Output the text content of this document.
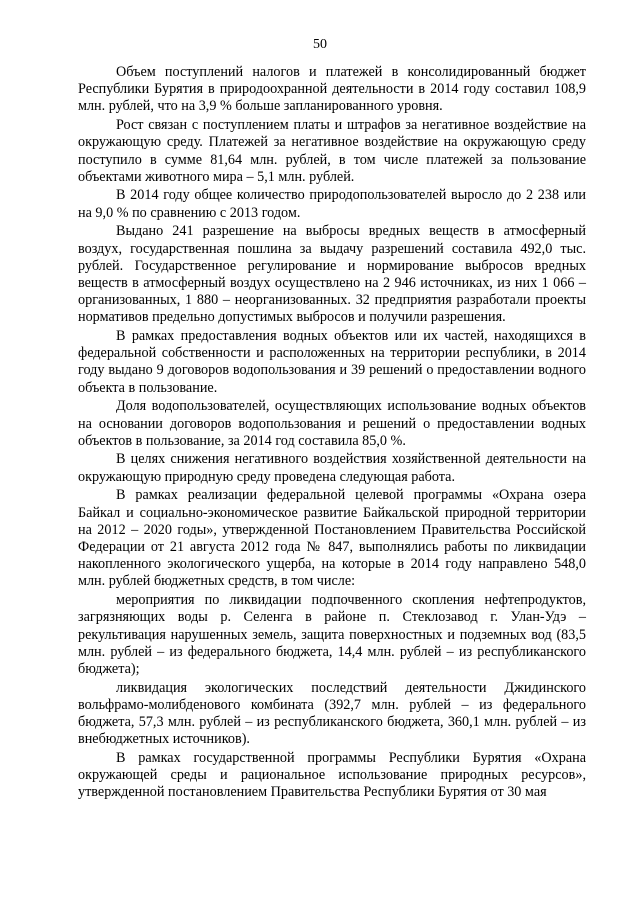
50

Объем поступлений налогов и платежей в консолидированный бюджет Республики Бурятия в природоохранной деятельности в 2014 году составил 108,9 млн. рублей, что на 3,9 % больше запланированного уровня.

Рост связан с поступлением платы и штрафов за негативное воздействие на окружающую среду. Платежей за негативное воздействие на окружающую среду поступило в сумме 81,64 млн. рублей, в том числе платежей за пользование объектами животного мира – 5,1 млн. рублей.

В 2014 году общее количество природопользователей выросло до 2 238 или на 9,0 % по сравнению с 2013 годом.

Выдано 241 разрешение на выбросы вредных веществ в атмосферный воздух, государственная пошлина за выдачу разрешений составила 492,0 тыс. рублей. Государственное регулирование и нормирование выбросов вредных веществ в атмосферный воздух осуществлено на 2 946 источниках, из них 1 066 – организованных, 1 880 – неорганизованных. 32 предприятия разработали проекты нормативов предельно допустимых выбросов и получили разрешения.

В рамках предоставления водных объектов или их частей, находящихся в федеральной собственности и расположенных на территории республики, в 2014 году выдано 9 договоров водопользования и 39 решений о предоставлении водного объекта в пользование.

Доля водопользователей, осуществляющих использование водных объектов на основании договоров водопользования и решений о предоставлении водных объектов в пользование, за 2014 год составила 85,0 %.

В целях снижения негативного воздействия хозяйственной деятельности на окружающую природную среду проведена следующая работа.

В рамках реализации федеральной целевой программы «Охрана озера Байкал и социально-экономическое развитие Байкальской природной территории на 2012 – 2020 годы», утвержденной Постановлением Правительства Российской Федерации от 21 августа 2012 года № 847, выполнялись работы по ликвидации накопленного экологического ущерба, на которые в 2014 году направлено 548,0 млн. рублей бюджетных средств, в том числе:

мероприятия по ликвидации подпочвенного скопления нефтепродуктов, загрязняющих воды р. Селенга в районе п. Стеклозавод г. Улан-Удэ – рекультивация нарушенных земель, защита поверхностных и подземных вод (83,5 млн. рублей – из федерального бюджета, 14,4 млн. рублей – из республиканского бюджета);

ликвидация экологических последствий деятельности Джидинского вольфрамо-молибденового комбината (392,7 млн. рублей – из федерального бюджета, 57,3 млн. рублей – из республиканского бюджета, 360,1 млн. рублей – из внебюджетных источников).

В рамках государственной программы Республики Бурятия «Охрана окружающей среды и рациональное использование природных ресурсов», утвержденной постановлением Правительства Республики Бурятия от 30 мая
